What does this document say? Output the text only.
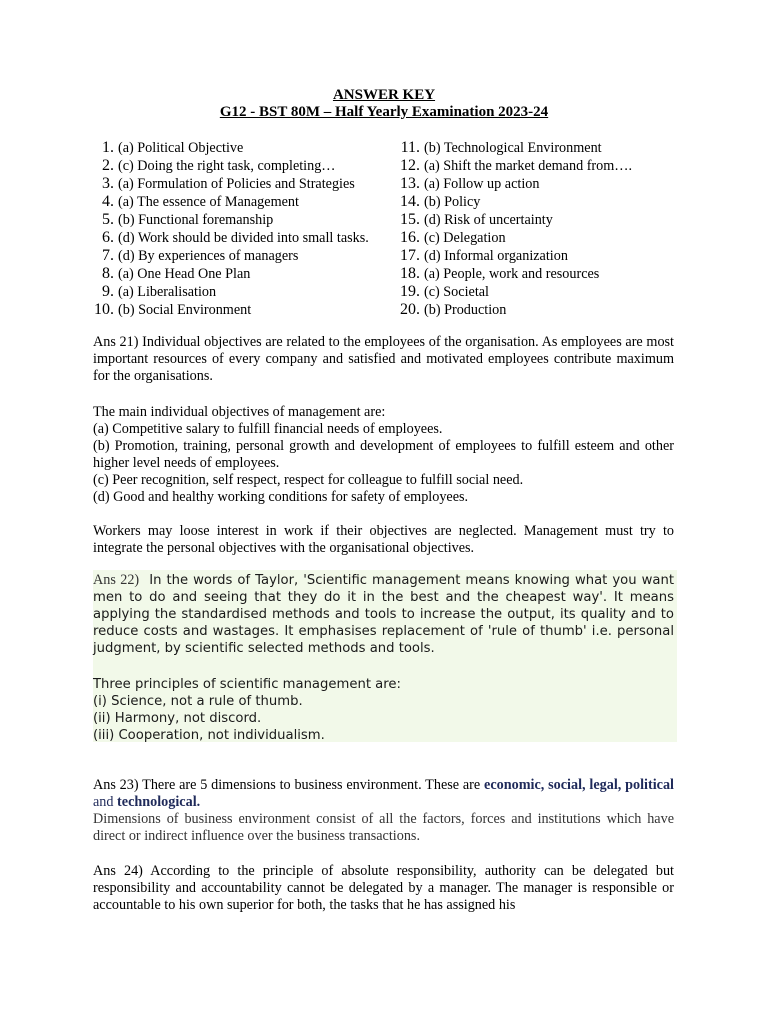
ANSWER KEY
G12 - BST 80M – Half Yearly Examination 2023-24
1. (a) Political Objective
2. (c) Doing the right task, completing…
3. (a) Formulation of Policies and Strategies
4. (a) The essence of Management
5. (b) Functional foremanship
6. (d) Work should be divided into small tasks.
7. (d) By experiences of managers
8. (a) One Head One Plan
9. (a) Liberalisation
10. (b) Social Environment
11. (b) Technological Environment
12. (a) Shift the market demand from….
13. (a) Follow up action
14. (b) Policy
15. (d) Risk of uncertainty
16. (c) Delegation
17. (d) Informal organization
18. (a) People, work and resources
19. (c) Societal
20. (b) Production

Ans 21) Individual objectives are related to the employees of the organisation. As employees are most important resources of every company and satisfied and motivated employees contribute maximum for the organisations.

The main individual objectives of management are:

(a) Competitive salary to fulfill financial needs of employees.

(b) Promotion, training, personal growth and development of employees to fulfill esteem and other higher level needs of employees.

(c) Peer recognition, self respect, respect for colleague to fulfill social need.

(d) Good and healthy working conditions for safety of employees.

Workers may loose interest in work if their objectives are neglected. Management must try to integrate the personal objectives with the organisational objectives.

Ans 22) In the words of Taylor, 'Scientific management means knowing what you want men to do and seeing that they do it in the best and the cheapest way'. It means applying the standardised methods and tools to increase the output, its quality and to reduce costs and wastages. It emphasises replacement of 'rule of thumb' i.e. personal judgment, by scientific selected methods and tools.

Three principles of scientific management are:

(i) Science, not a rule of thumb.

(ii) Harmony, not discord.

(iii) Cooperation, not individualism.

Ans 23) There are 5 dimensions to business environment. These are economic, social, legal, political and technological.

Dimensions of business environment consist of all the factors, forces and institutions which have direct or indirect influence over the business transactions.

Ans 24) According to the principle of absolute responsibility, authority can be delegated but responsibility and accountability cannot be delegated by a manager. The manager is responsible or accountable to his own superior for both, the tasks that he has assigned his
